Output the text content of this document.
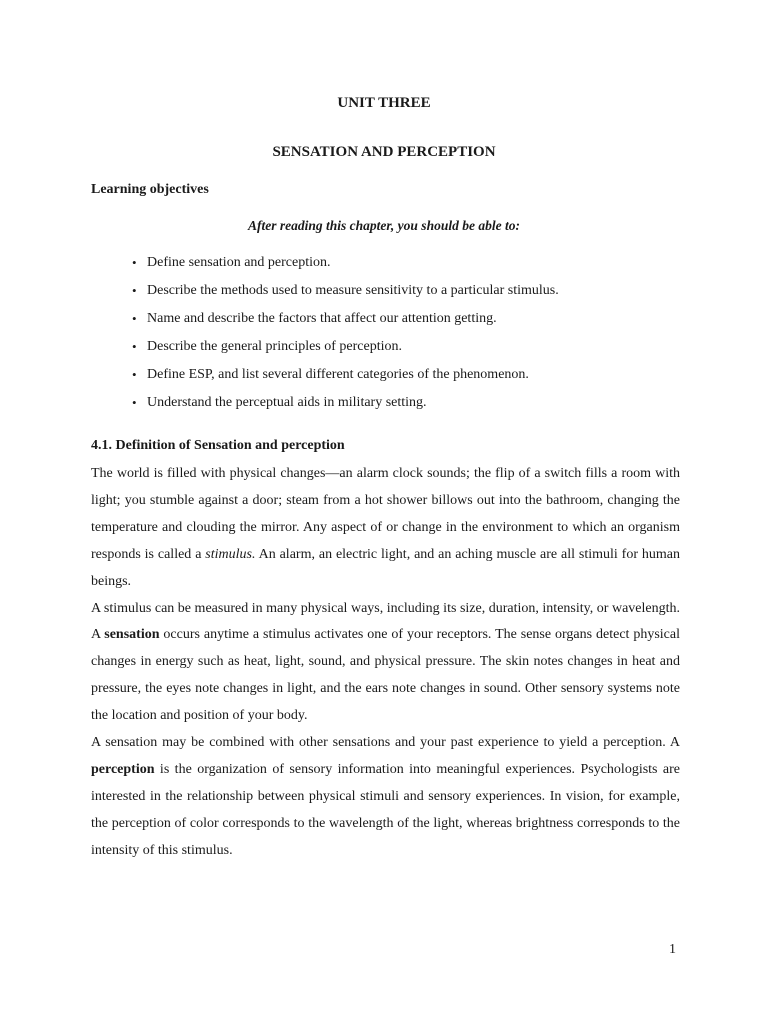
UNIT THREE
SENSATION AND PERCEPTION
Learning objectives

After reading this chapter, you should be able to:

• Define sensation and perception.
• Describe the methods used to measure sensitivity to a particular stimulus.
• Name and describe the factors that affect our attention getting.
• Describe the general principles of perception.
• Define ESP, and list several different categories of the phenomenon.
• Understand the perceptual aids in military setting.
4.1. Definition of Sensation and perception

The world is filled with physical changes—an alarm clock sounds; the flip of a switch fills a room with light; you stumble against a door; steam from a hot shower billows out into the bathroom, changing the temperature and clouding the mirror. Any aspect of or change in the environment to which an organism responds is called a stimulus. An alarm, an electric light, and an aching muscle are all stimuli for human beings.

A stimulus can be measured in many physical ways, including its size, duration, intensity, or wavelength. A sensation occurs anytime a stimulus activates one of your receptors. The sense organs detect physical changes in energy such as heat, light, sound, and physical pressure. The skin notes changes in heat and pressure, the eyes note changes in light, and the ears note changes in sound. Other sensory systems note the location and position of your body.

A sensation may be combined with other sensations and your past experience to yield a perception. A perception is the organization of sensory information into meaningful experiences. Psychologists are interested in the relationship between physical stimuli and sensory experiences. In vision, for example, the perception of color corresponds to the wavelength of the light, whereas brightness corresponds to the intensity of this stimulus.

1
